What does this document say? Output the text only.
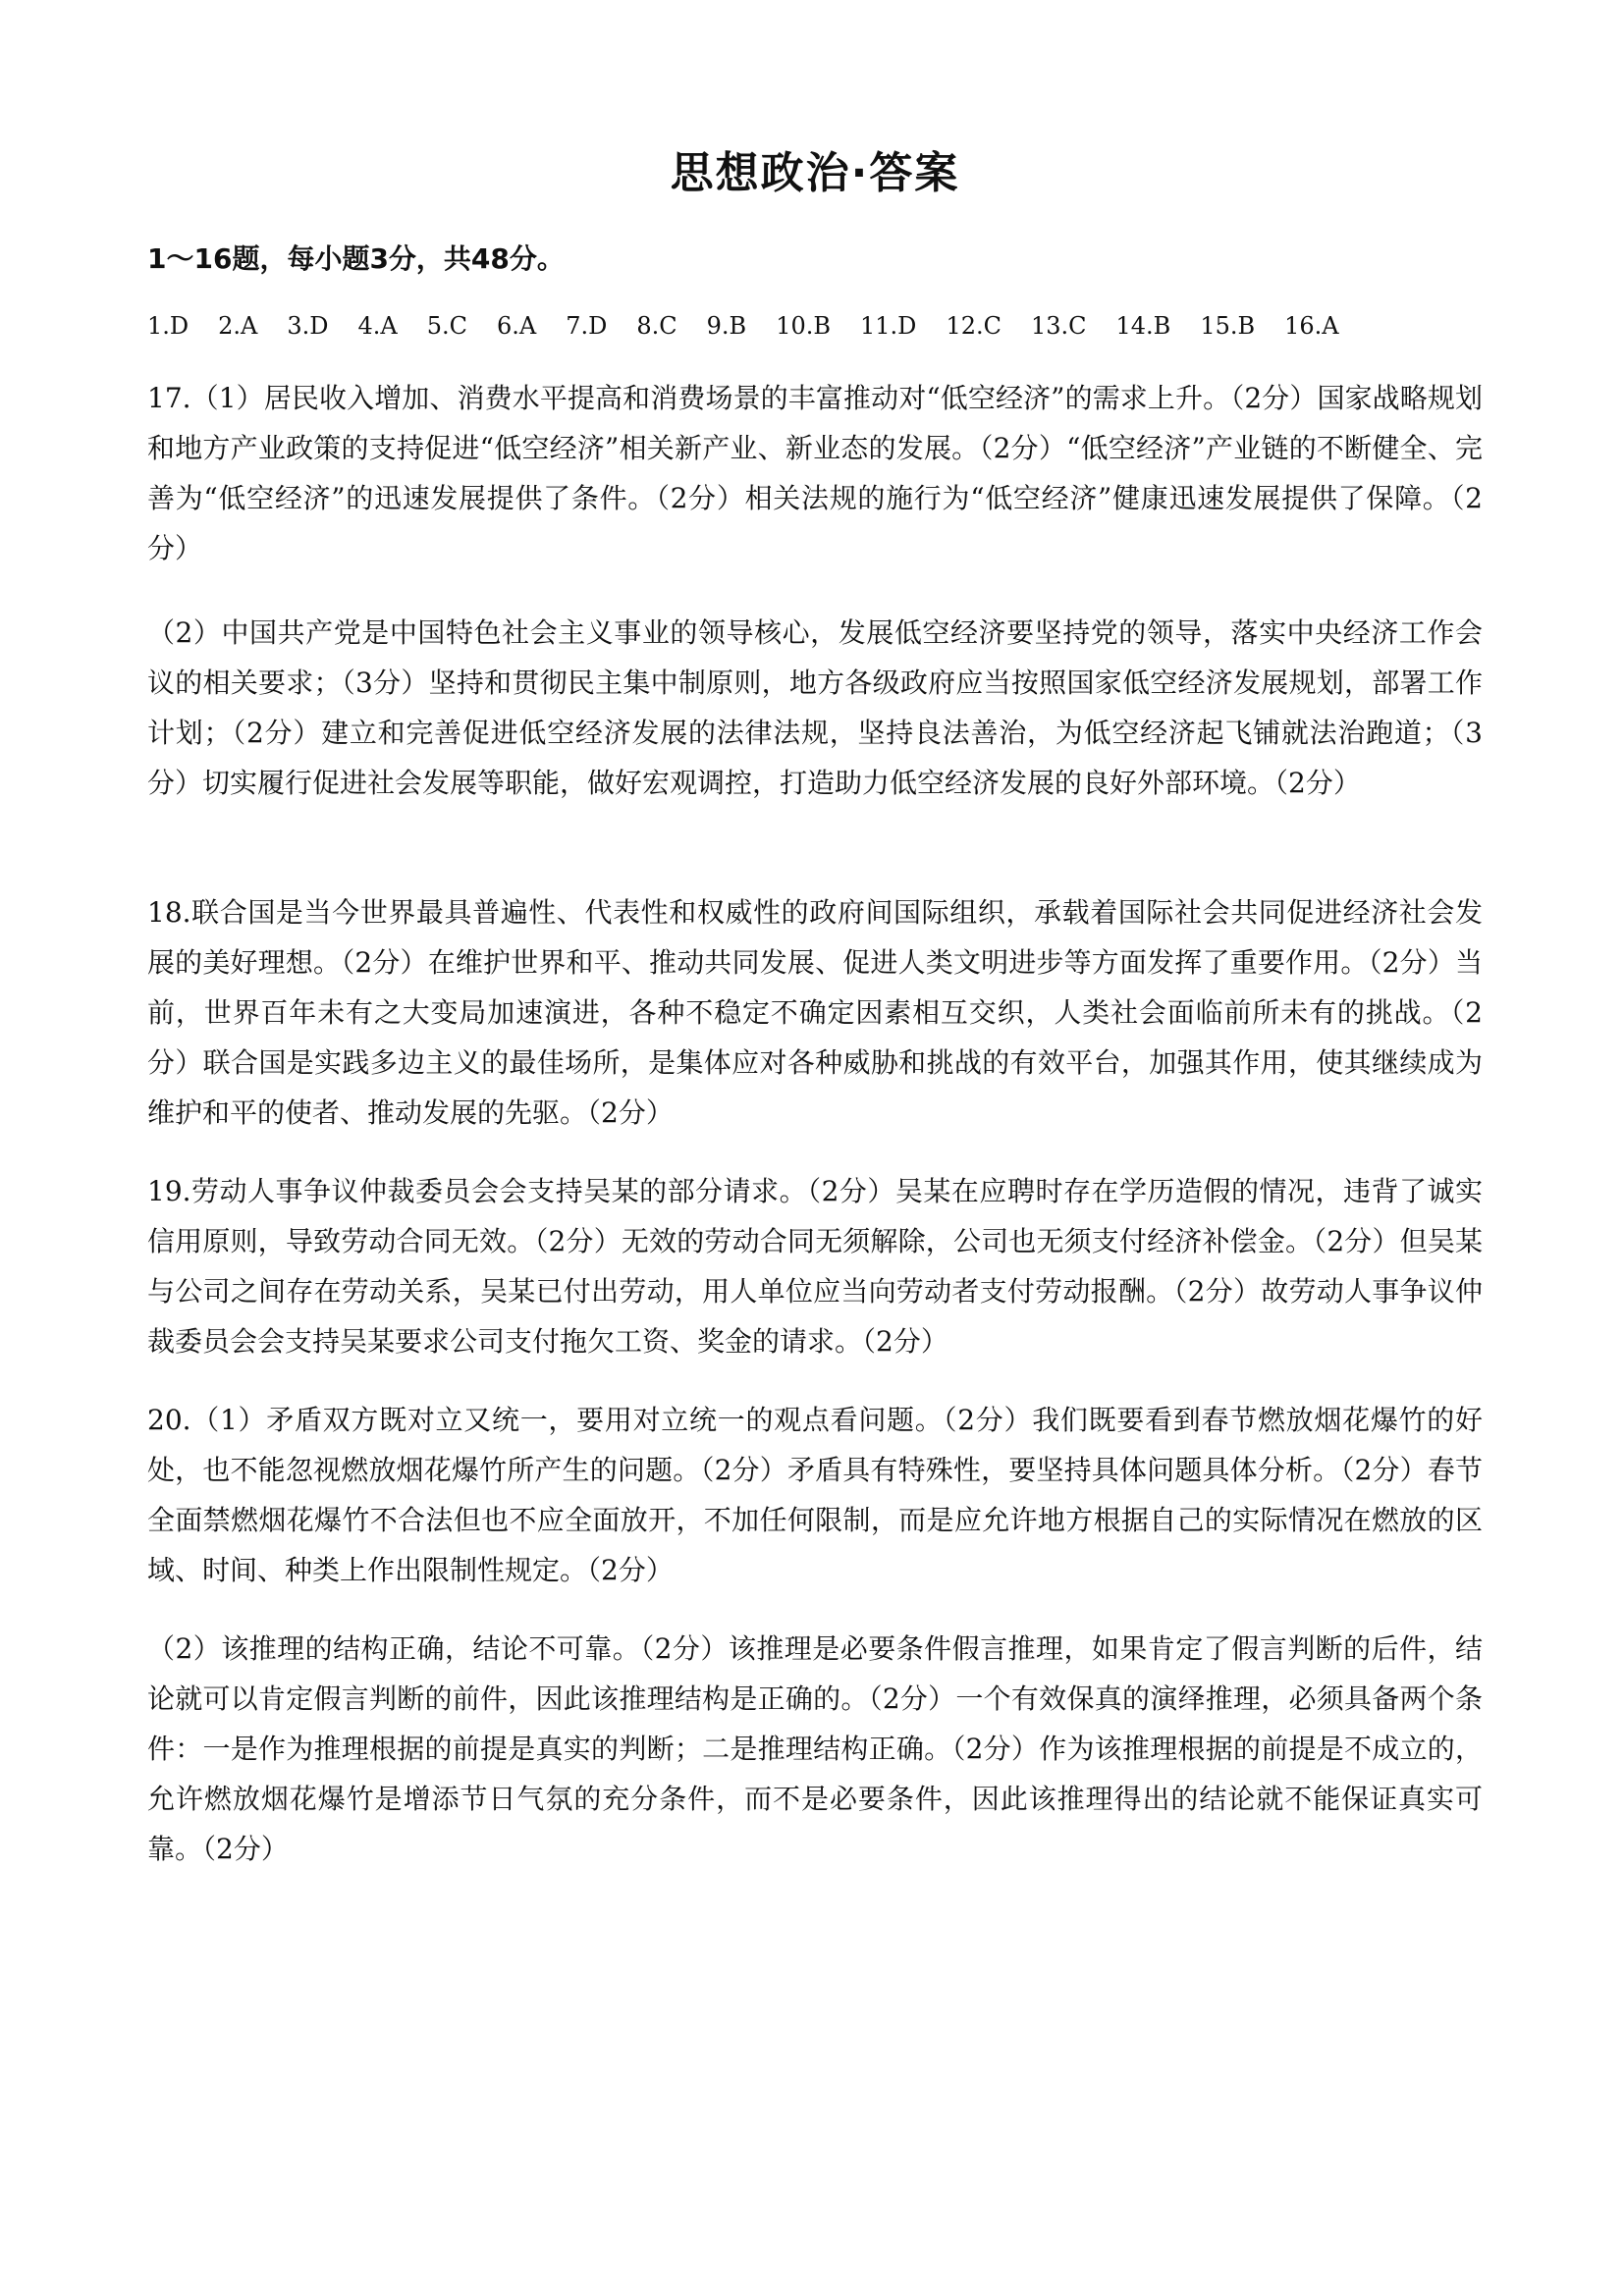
思想政治·答案

1～16题，每小题3分，共48分。

1.D 2.A 3.D 4.A 5.C 6.A 7.D 8.C 9.B 10.B 11.D 12.C 13.C 14.B 15.B 16.A

17.（1）居民收入增加、消费水平提高和消费场景的丰富推动对“低空经济”的需求上升。（2分）国家战略规划和地方产业政策的支持促进“低空经济”相关新产业、新业态的发展。（2分）“低空经济”产业链的不断健全、完善为“低空经济”的迅速发展提供了条件。（2分）相关法规的施行为“低空经济”健康迅速发展提供了保障。（2分）

（2）中国共产党是中国特色社会主义事业的领导核心，发展低空经济要坚持党的领导，落实中央经济工作会议的相关要求；（3分）坚持和贯彻民主集中制原则，地方各级政府应当按照国家低空经济发展规划，部署工作计划；（2分）建立和完善促进低空经济发展的法律法规，坚持良法善治，为低空经济起飞铺就法治跑道；（3分）切实履行促进社会发展等职能，做好宏观调控，打造助力低空经济发展的良好外部环境。（2分）

18.联合国是当今世界最具普遍性、代表性和权威性的政府间国际组织，承载着国际社会共同促进经济社会发展的美好理想。（2分）在维护世界和平、推动共同发展、促进人类文明进步等方面发挥了重要作用。（2分）当前，世界百年未有之大变局加速演进，各种不稳定不确定因素相互交织，人类社会面临前所未有的挑战。（2分）联合国是实践多边主义的最佳场所，是集体应对各种威胁和挑战的有效平台，加强其作用，使其继续成为维护和平的使者、推动发展的先驱。（2分）

19.劳动人事争议仲裁委员会会支持吴某的部分请求。（2分）吴某在应聘时存在学历造假的情况，违背了诚实信用原则，导致劳动合同无效。（2分）无效的劳动合同无须解除，公司也无须支付经济补偿金。（2分）但吴某与公司之间存在劳动关系，吴某已付出劳动，用人单位应当向劳动者支付劳动报酬。（2分）故劳动人事争议仲裁委员会会支持吴某要求公司支付拖欠工资、奖金的请求。（2分）

20.（1）矛盾双方既对立又统一，要用对立统一的观点看问题。（2分）我们既要看到春节燃放烟花爆竹的好处，也不能忽视燃放烟花爆竹所产生的问题。（2分）矛盾具有特殊性，要坚持具体问题具体分析。（2分）春节全面禁燃烟花爆竹不合法但也不应全面放开，不加任何限制，而是应允许地方根据自己的实际情况在燃放的区域、时间、种类上作出限制性规定。（2分）

（2）该推理的结构正确，结论不可靠。（2分）该推理是必要条件假言推理，如果肯定了假言判断的后件，结论就可以肯定假言判断的前件，因此该推理结构是正确的。（2分）一个有效保真的演绎推理，必须具备两个条件：一是作为推理根据的前提是真实的判断；二是推理结构正确。（2分）作为该推理根据的前提是不成立的，允许燃放烟花爆竹是增添节日气氛的充分条件，而不是必要条件，因此该推理得出的结论就不能保证真实可靠。（2分）
